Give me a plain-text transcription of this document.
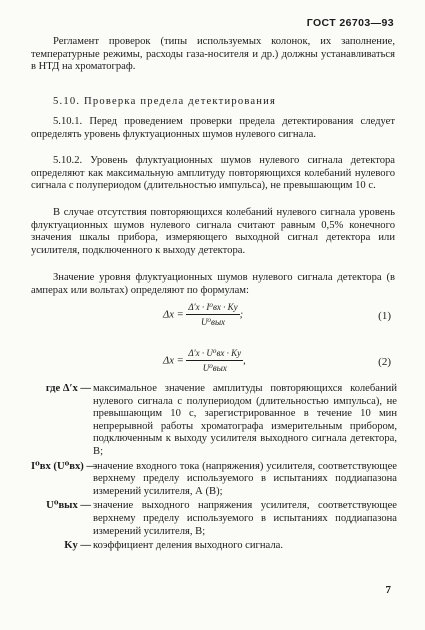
ГОСТ 26703—93
Регламент проверок (типы используемых колонок, их заполнение, температурные режимы, расходы газа-носителя и др.) должны устанавливаться в НТД на хроматограф.
5.10. Проверка предела детектирования
5.10.1. Перед проведением проверки предела детектирования следует определять уровень флуктуационных шумов нулевого сигнала.
5.10.2. Уровень флуктуационных шумов нулевого сигнала детектора определяют как максимальную амплитуду повторяющихся колебаний нулевого сигнала с полупериодом (длительностью импульса), не превышающим 10 с.
В случае отсутствия повторяющихся колебаний нулевого сигнала уровень флуктуационных шумов нулевого сигнала считают равным 0,5% конечного значения шкалы прибора, измеряющего выходной сигнал детектора или усилителя, подключенного к выходу детектора.
Значение уровня флуктуационных шумов нулевого сигнала детектора (в амперах или вольтах) определяют по формулам:
$\Delta x = \frac{\text{Δ′x · I⁰вх · Ky}}{\text{U⁰вых}}$ ;	(1)
$\Delta x = \frac{\text{Δ′x · U⁰вх · Ky}}{\text{U⁰вых}}$ ,	(2)
где Δ′x — максимальное значение амплитуды повторяющихся колебаний нулевого сигнала с полупериодом (длительностью импульса), не превышающим 10 с, зарегистрированное в течение 10 мин непрерывной работы хроматографа измерительным прибором, подключенным к выходу усилителя выходного сигнала детектора, В;
I⁰вх (U⁰вх) —
значение входного тока (напряжения) усилителя, соответствующее верхнему пределу используемого в испытаниях поддиапазона измерений усилителя, А (В);
U⁰вых — значение выходного напряжения усилителя, соответствующее верхнему пределу используемого в испытаниях поддиапазона измерений усилителя, В;
Ky — коэффициент деления выходного сигнала.
7
